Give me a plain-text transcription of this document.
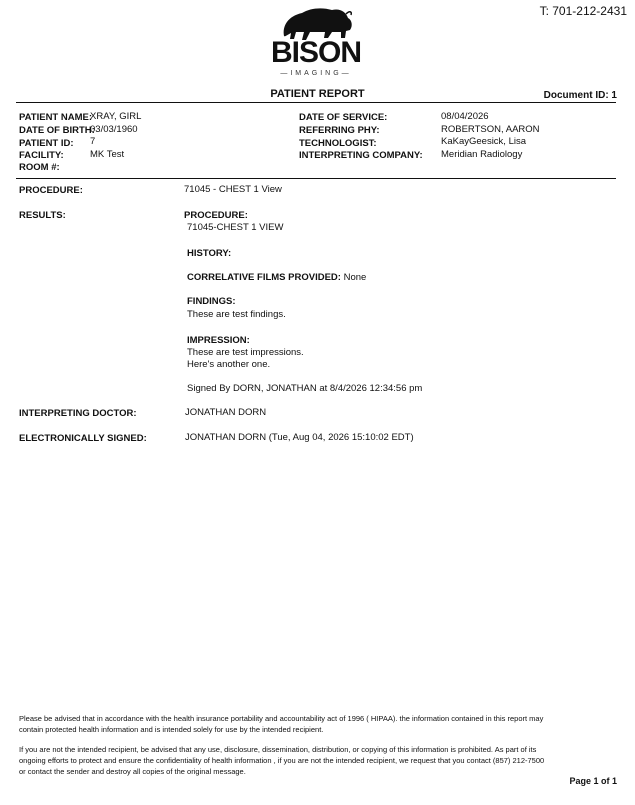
T: 701-212-2431
BISON
—IMAGING—
PATIENT REPORT	Document ID: 1
PATIENT NAME:
XRAY, GIRL
DATE OF BIRTH:
03/03/1960
PATIENT ID: 7
FACILITY:	MK Test
ROOM #:
DATE OF SERVICE:	08/04/2026
REFERRING PHY:	ROBERTSON, AARON
TECHNOLOGIST:	KaKayGeesick, Lisa
INTERPRETING COMPANY: Meridian Radiology
PROCEDURE:	71045 - CHEST 1 View
RESULTS:	PROCEDURE:
71045-CHEST 1 VIEW
HISTORY:
CORRELATIVE FILMS PROVIDED: None
FINDINGS:
These are test findings.
IMPRESSION:
These are test impressions.
Here's another one.
Signed By DORN, JONATHAN at 8/4/2026 12:34:56 pm
INTERPRETING DOCTOR:	JONATHAN DORN
ELECTRONICALLY SIGNED:	JONATHAN DORN (Tue, Aug 04, 2026 15:10:02 EDT)
Please be advised that in accordance with the health insurance portability and accountability act of 1996 ( HIPAA). the information contained in this report may
contain protected health information and is intended solely for use by the intended recipient.
If you are not the intended recipient, be advised that any use, disclosure, dissemination, distribution, or copying of this information is prohibited. As part of its
ongoing efforts to protect and ensure the confidentiality of health information , if you are not the intended recipient, we request that you contact (857) 212-7500
or contact the sender and destroy all copies of the original message.
Page 1 of 1
